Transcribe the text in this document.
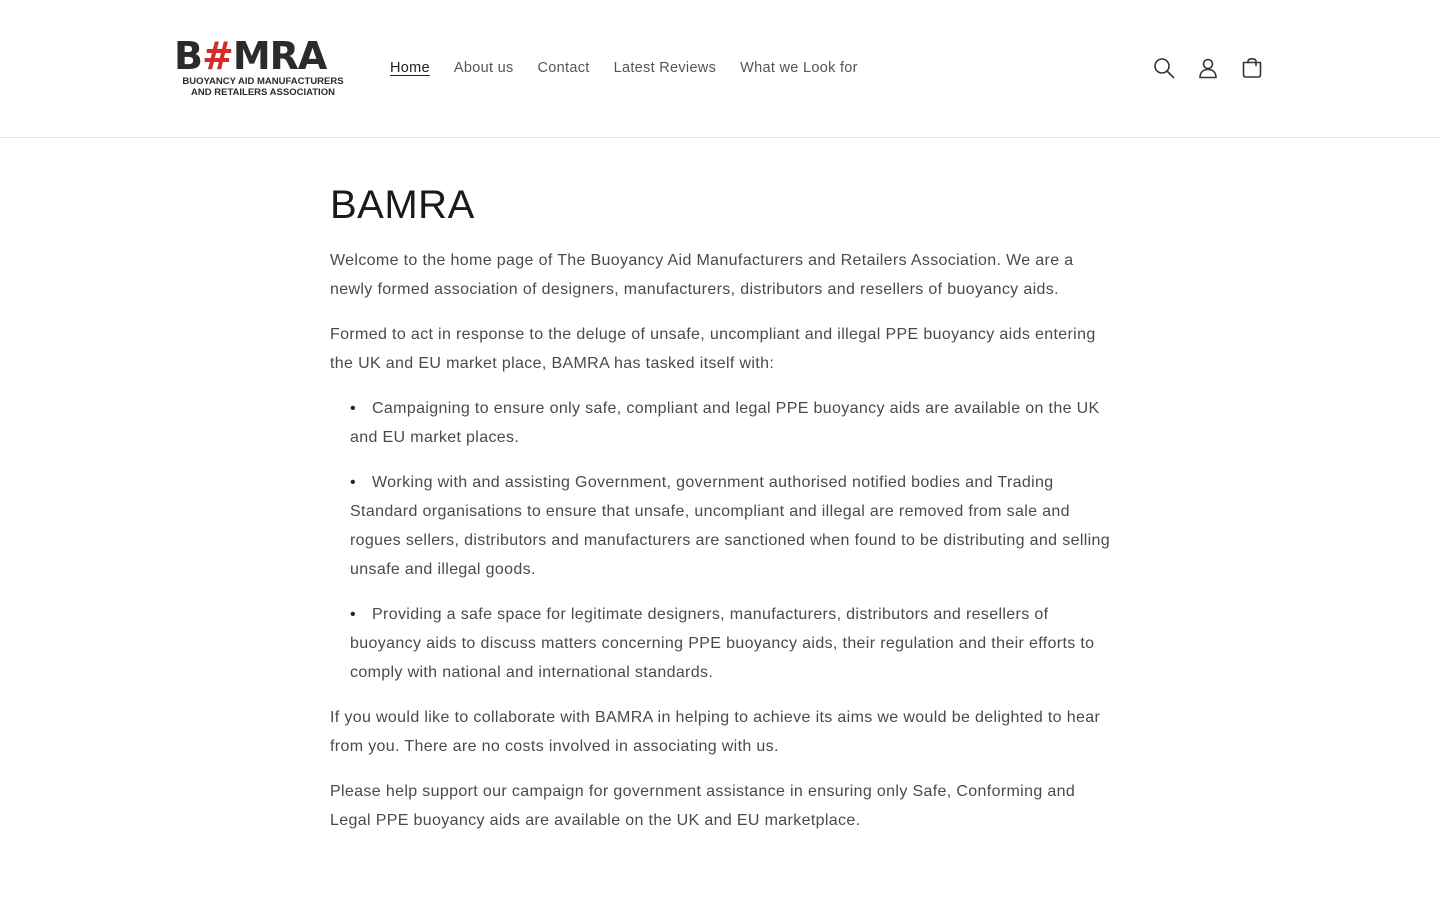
B#MRA
BUOYANCY AID MANUFACTURERS
AND RETAILERS ASSOCIATION
Home About us Contact Latest Reviews What we Look for
BAMRA

Welcome to the home page of The Buoyancy Aid Manufacturers and Retailers Association. We are a newly formed association of designers, manufacturers, distributors and resellers of buoyancy aids.

Formed to act in response to the deluge of unsafe, uncompliant and illegal PPE buoyancy aids entering the UK and EU market place, BAMRA has tasked itself with:

• Campaigning to ensure only safe, compliant and legal PPE buoyancy aids are available on the UK and EU market places.
• Working with and assisting Government, government authorised notified bodies and Trading Standard organisations to ensure that unsafe, uncompliant and illegal are removed from sale and rogues sellers, distributors and manufacturers are sanctioned when found to be distributing and selling unsafe and illegal goods.
• Providing a safe space for legitimate designers, manufacturers, distributors and resellers of buoyancy aids to discuss matters concerning PPE buoyancy aids, their regulation and their efforts to comply with national and international standards.

If you would like to collaborate with BAMRA in helping to achieve its aims we would be delighted to hear from you. There are no costs involved in associating with us.

Please help support our campaign for government assistance in ensuring only Safe, Conforming and Legal PPE buoyancy aids are available on the UK and EU marketplace.
